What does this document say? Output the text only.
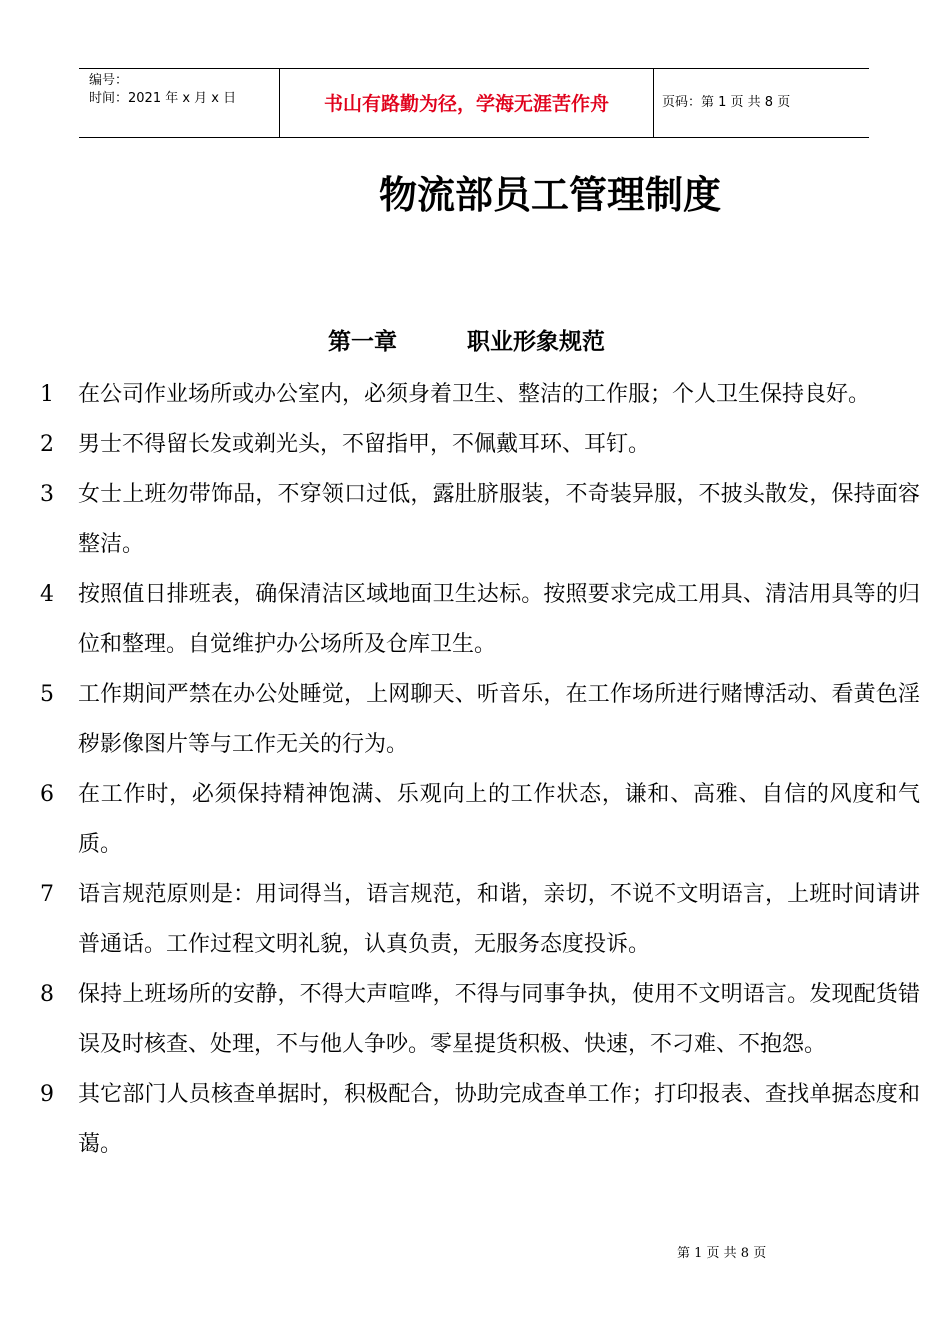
编号：
时间：2021 年 x 月 x 日	书山有路勤为径，学海无涯苦作舟	页码：第 1 页 共 8 页
物流部员工管理制度
第一章	职业形象规范
1 在公司作业场所或办公室内，必须身着卫生、整洁的工作服；个人卫生保持良好。
2 男士不得留长发或剃光头，不留指甲，不佩戴耳环、耳钉。
3 女士上班勿带饰品，不穿领口过低，露肚脐服装，不奇装异服，不披头散发，保持面容整洁。
4 按照值日排班表，确保清洁区域地面卫生达标。按照要求完成工用具、清洁用具等的归位和整理。自觉维护办公场所及仓库卫生。
5 工作期间严禁在办公处睡觉，上网聊天、听音乐，在工作场所进行赌博活动、看黄色淫秽影像图片等与工作无关的行为。
6 在工作时，必须保持精神饱满、乐观向上的工作状态，谦和、高雅、自信的风度和气质。
7 语言规范原则是：用词得当，语言规范，和谐，亲切，不说不文明语言，上班时间请讲普通话。工作过程文明礼貌，认真负责，无服务态度投诉。
8 保持上班场所的安静，不得大声喧哗，不得与同事争执，使用不文明语言。发现配货错误及时核查、处理，不与他人争吵。零星提货积极、快速，不刁难、不抱怨。
9 其它部门人员核查单据时，积极配合，协助完成查单工作；打印报表、查找单据态度和蔼。
第 1 页 共 8 页
